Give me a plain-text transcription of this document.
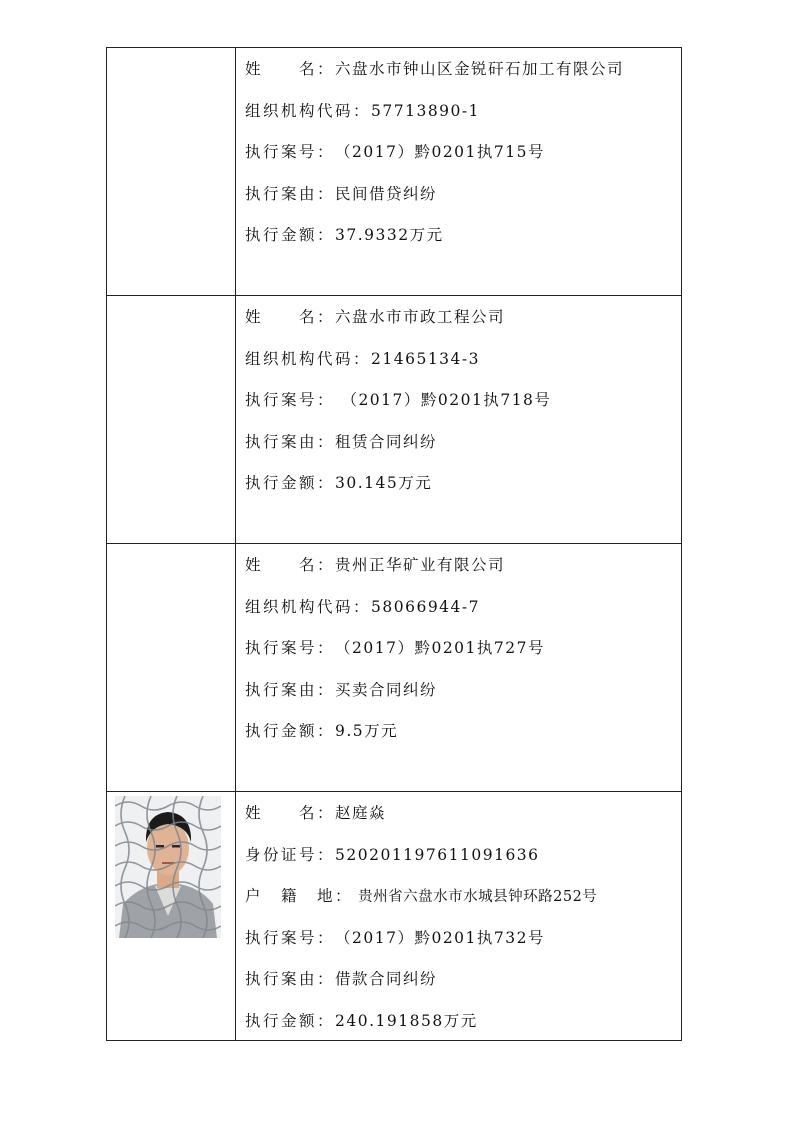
姓　　名：六盘水市钟山区金锐矸石加工有限公司
组织机构代码：57713890-1
执行案号：（2017）黔0201执715号
执行案由：民间借贷纠纷
执行金额：37.9332万元
姓　　名：六盘水市市政工程公司
组织机构代码：21465134-3
执行案号： （2017）黔0201执718号
执行案由：租赁合同纠纷
执行金额：30.145万元
姓　　名：贵州正华矿业有限公司
组织机构代码：58066944-7
执行案号：（2017）黔0201执727号
执行案由：买卖合同纠纷
执行金额：9.5万元
姓　　名：赵庭焱
身份证号：520201197611091636
户　籍　地： 贵州省六盘水市水城县钟环路252号
执行案号：（2017）黔0201执732号
执行案由：借款合同纠纷
执行金额：240.191858万元
